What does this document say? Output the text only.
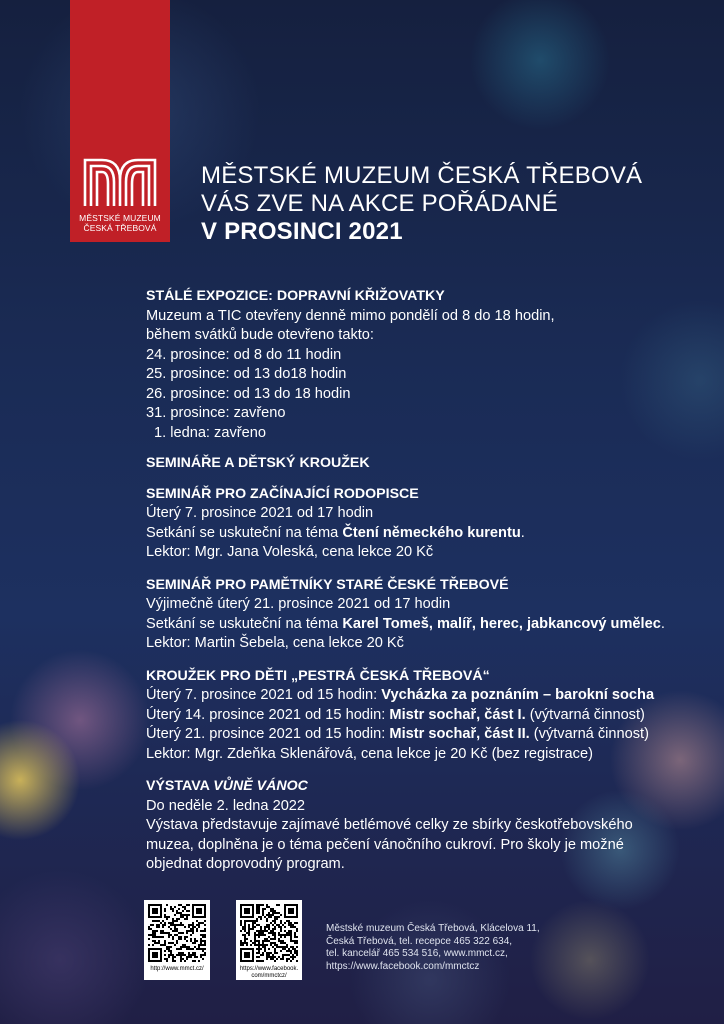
MĚSTSKÉ MUZEUM
ČESKÁ TŘEBOVÁ
MĚSTSKÉ MUZEUM ČESKÁ TŘEBOVÁ
VÁS ZVE NA AKCE POŘÁDANÉ
V PROSINCI 2021
STÁLÉ EXPOZICE: DOPRAVNÍ KŘIŽOVATKY
Muzeum a TIC otevřeny denně mimo pondělí od 8 do 18 hodin,
během svátků bude otevřeno takto:
24. prosince: od 8 do 11 hodin
25. prosince: od 13 do18 hodin
26. prosince: od 13 do 18 hodin
31. prosince: zavřeno
1. ledna: zavřeno
SEMINÁŘE A DĚTSKÝ KROUŽEK
SEMINÁŘ PRO ZAČÍNAJÍCÍ RODOPISCE
Úterý 7. prosince 2021 od 17 hodin
Setkání se uskuteční na téma Čtení německého kurentu.
Lektor: Mgr. Jana Voleská, cena lekce 20 Kč
SEMINÁŘ PRO PAMĚTNÍKY STARÉ ČESKÉ TŘEBOVÉ
Výjimečně úterý 21. prosince 2021 od 17 hodin
Setkání se uskuteční na téma Karel Tomeš, malíř, herec, jabkancový umělec.
Lektor: Martin Šebela, cena lekce 20 Kč
KROUŽEK PRO DĚTI „PESTRÁ ČESKÁ TŘEBOVÁ“
Úterý 7. prosince 2021 od 15 hodin: Vycházka za poznáním – barokní socha
Úterý 14. prosince 2021 od 15 hodin: Mistr sochař, část I. (výtvarná činnost)
Úterý 21. prosince 2021 od 15 hodin: Mistr sochař, část II. (výtvarná činnost)
Lektor: Mgr. Zdeňka Sklenářová, cena lekce je 20 Kč (bez registrace)
VÝSTAVA VŮNĚ VÁNOC
Do neděle 2. ledna 2022
Výstava představuje zajímavé betlémové celky ze sbírky českotřebovského
muzea, doplněna je o téma pečení vánočního cukroví. Pro školy je možné
objednat doprovodný program.
http://www.mmct.cz/	https://www.facebook.
com/mmctcz/
Městské muzeum Česká Třebová, Klácelova 11,
Česká Třebová, tel. recepce 465 322 634,
tel. kancelář 465 534 516, www.mmct.cz,
https://www.facebook.com/mmctcz
